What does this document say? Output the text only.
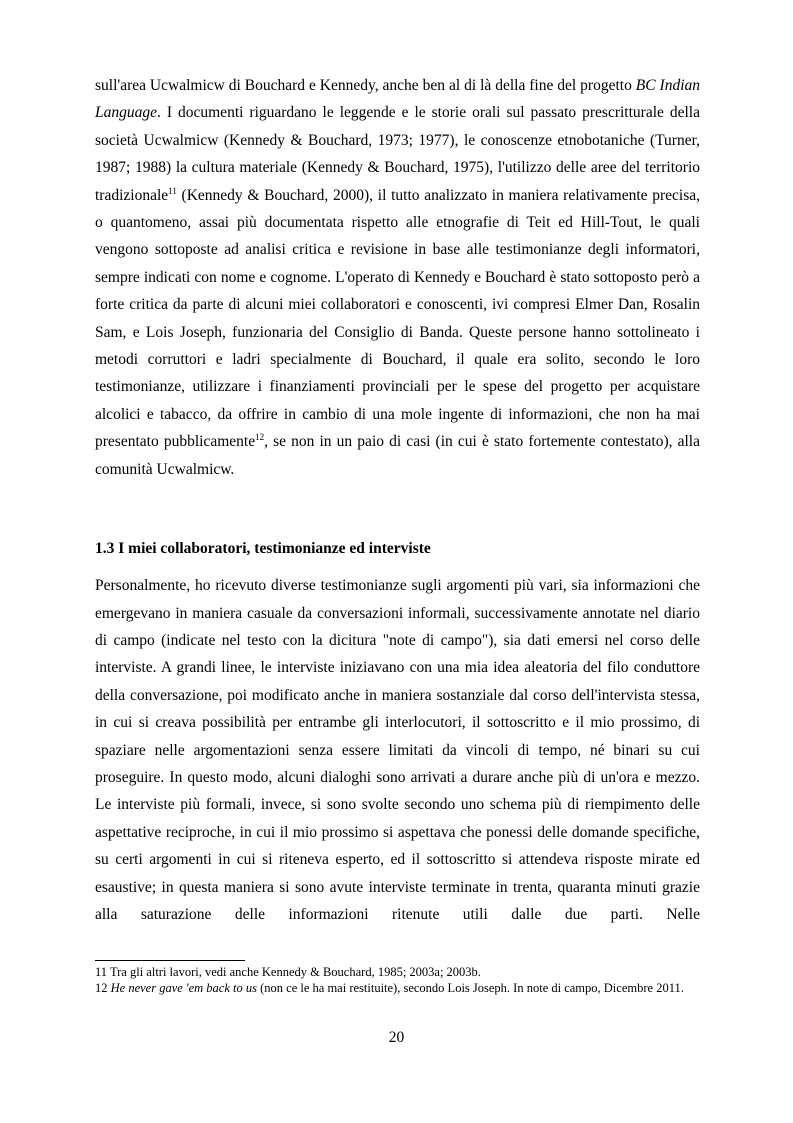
sull'area Ucwalmicw di Bouchard e Kennedy, anche ben al di là della fine del progetto BC Indian Language. I documenti riguardano le leggende e le storie orali sul passato prescritturale della società Ucwalmicw (Kennedy & Bouchard, 1973; 1977), le conoscenze etnobotaniche (Turner, 1987; 1988) la cultura materiale (Kennedy & Bouchard, 1975), l'utilizzo delle aree del territorio tradizionale$^{11}$ (Kennedy & Bouchard, 2000), il tutto analizzato in maniera relativamente precisa, o quantomeno, assai più documentata rispetto alle etnografie di Teit ed Hill-Tout, le quali vengono sottoposte ad analisi critica e revisione in base alle testimonianze degli informatori, sempre indicati con nome e cognome. L'operato di Kennedy e Bouchard è stato sottoposto però a forte critica da parte di alcuni miei collaboratori e conoscenti, ivi compresi Elmer Dan, Rosalin Sam, e Lois Joseph, funzionaria del Consiglio di Banda. Queste persone hanno sottolineato i metodi corruttori e ladri specialmente di Bouchard, il quale era solito, secondo le loro testimonianze, utilizzare i finanziamenti provinciali per le spese del progetto per acquistare alcolici e tabacco, da offrire in cambio di una mole ingente di informazioni, che non ha mai presentato pubblicamente$^{12}$, se non in un paio di casi (in cui è stato fortemente contestato), alla comunità Ucwalmicw.

1.3 I miei collaboratori, testimonianze ed interviste

Personalmente, ho ricevuto diverse testimonianze sugli argomenti più vari, sia informazioni che emergevano in maniera casuale da conversazioni informali, successivamente annotate nel diario di campo (indicate nel testo con la dicitura "note di campo"), sia dati emersi nel corso delle interviste. A grandi linee, le interviste iniziavano con una mia idea aleatoria del filo conduttore della conversazione, poi modificato anche in maniera sostanziale dal corso dell'intervista stessa, in cui si creava possibilità per entrambe gli interlocutori, il sottoscritto e il mio prossimo, di spaziare nelle argomentazioni senza essere limitati da vincoli di tempo, né binari su cui proseguire. In questo modo, alcuni dialoghi sono arrivati a durare anche più di un'ora e mezzo. Le interviste più formali, invece, si sono svolte secondo uno schema più di riempimento delle aspettative reciproche, in cui il mio prossimo si aspettava che ponessi delle domande specifiche, su certi argomenti in cui si riteneva esperto, ed il sottoscritto si attendeva risposte mirate ed esaustive; in questa maniera si sono avute interviste terminate in trenta, quaranta minuti grazie alla saturazione delle informazioni ritenute utili dalle due parti. Nelle

11 Tra gli altri lavori, vedi anche Kennedy & Bouchard, 1985; 2003a; 2003b.
12 He never gave 'em back to us (non ce le ha mai restituite), secondo Lois Joseph. In note di campo, Dicembre 2011.
20
